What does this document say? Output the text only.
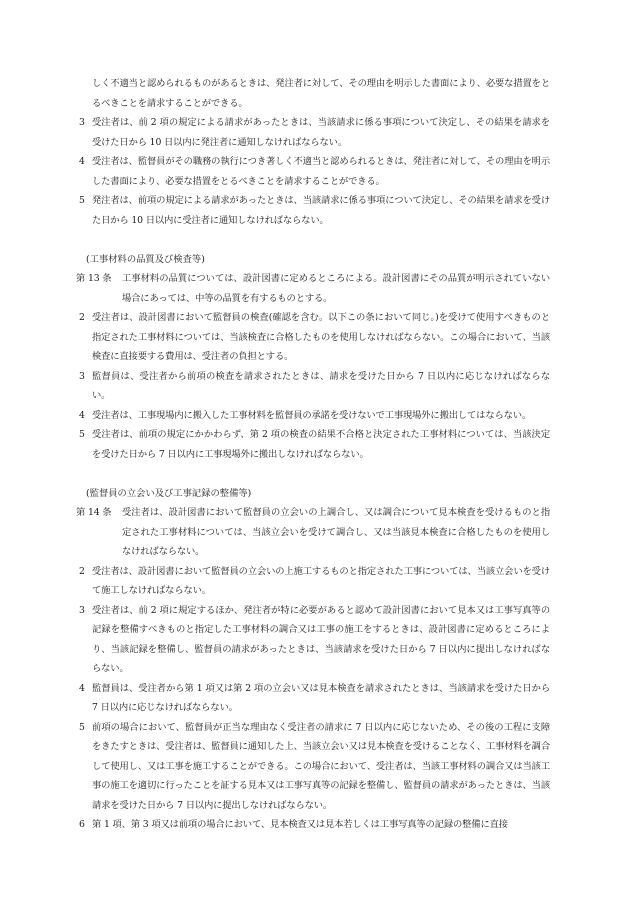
しく不適当と認められるものがあるときは、発注者に対して、その理由を明示した書面により、必要な措置をとるべきことを請求することができる。

3 受注者は、前 2 項の規定による請求があったときは、当該請求に係る事項について決定し、その結果を請求を受けた日から 10 日以内に発注者に通知しなければならない。

4 受注者は、監督員がその職務の執行につき著しく不適当と認められるときは、発注者に対して、その理由を明示した書面により、必要な措置をとるべきことを請求することができる。

5 発注者は、前項の規定による請求があったときは、当該請求に係る事項について決定し、その結果を請求を受けた日から 10 日以内に受注者に通知しなければならない。

(工事材料の品質及び検査等)

第 13 条	工事材料の品質については、設計図書に定めるところによる。設計図書にその品質が明示されていない場合にあっては、中等の品質を有するものとする。

2 受注者は、設計図書において監督員の検査(確認を含む。以下この条において同じ。)を受けて使用すべきものと指定された工事材料については、当該検査に合格したものを使用しなければならない。この場合において、当該検査に直接要する費用は、受注者の負担とする。

3 監督員は、受注者から前項の検査を請求されたときは、請求を受けた日から 7 日以内に応じなければならない。

4 受注者は、工事現場内に搬入した工事材料を監督員の承諾を受けないで工事現場外に搬出してはならない。

5 受注者は、前項の規定にかかわらず、第 2 項の検査の結果不合格と決定された工事材料については、当該決定を受けた日から 7 日以内に工事現場外に搬出しなければならない。

(監督員の立会い及び工事記録の整備等)

第 14 条	受注者は、設計図書において監督員の立会いの上調合し、又は調合について見本検査を受けるものと指定された工事材料については、当該立会いを受けて調合し、又は当該見本検査に合格したものを使用しなければならない。

2 受注者は、設計図書において監督員の立会いの上施工するものと指定された工事については、当該立会いを受けて施工しなければならない。

3 受注者は、前 2 項に規定するほか、発注者が特に必要があると認めて設計図書において見本又は工事写真等の記録を整備すべきものと指定した工事材料の調合又は工事の施工をするときは、設計図書に定めるところにより、当該記録を整備し、監督員の請求があったときは、当該請求を受けた日から 7 日以内に提出しなければならない。

4 監督員は、受注者から第 1 項又は第 2 項の立会い又は見本検査を請求されたときは、当該請求を受けた日から 7 日以内に応じなければならない。

5 前項の場合において、監督員が正当な理由なく受注者の請求に 7 日以内に応じないため、その後の工程に支障をきたすときは、受注者は、監督員に通知した上、当該立会い又は見本検査を受けることなく、工事材料を調合して使用し、又は工事を施工することができる。この場合において、受注者は、当該工事材料の調合又は当該工事の施工を適切に行ったことを証する見本又は工事写真等の記録を整備し、監督員の請求があったときは、当該請求を受けた日から 7 日以内に提出しなければならない。

6 第 1 項、第 3 項又は前項の場合において、見本検査又は見本若しくは工事写真等の記録の整備に直接
